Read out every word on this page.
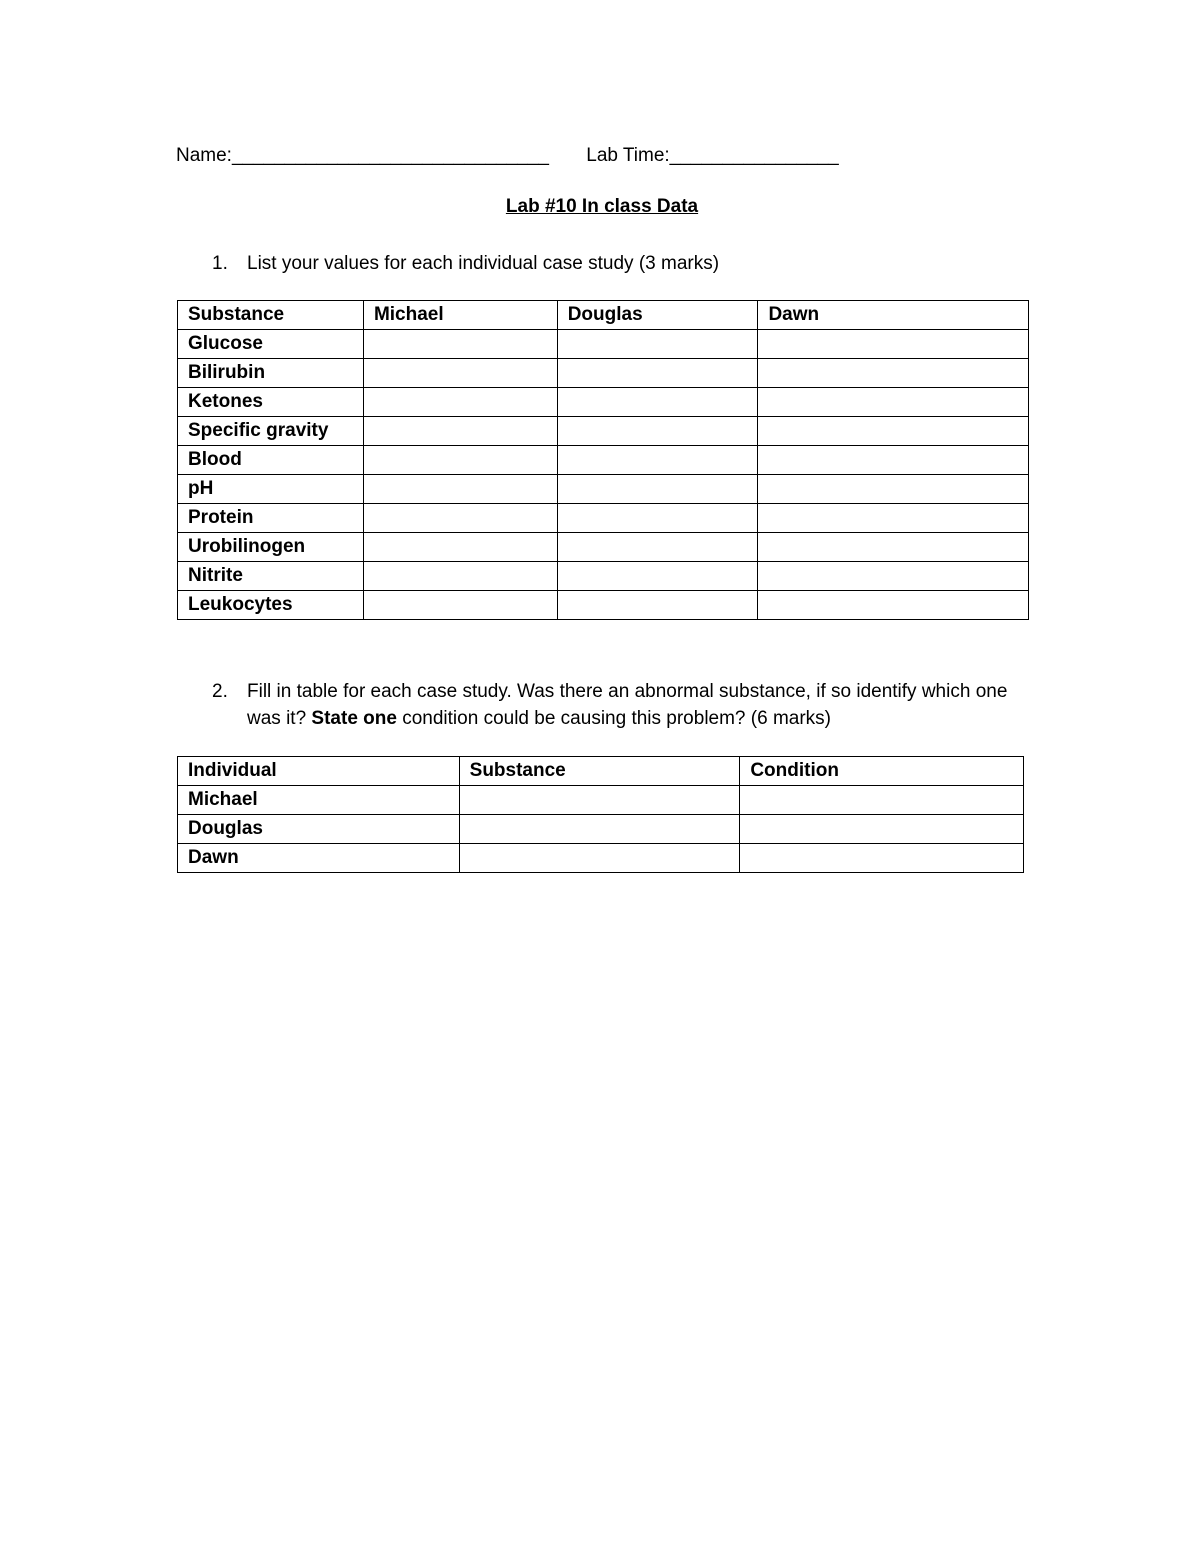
Name:______________________________ Lab Time:________________
Lab #10 In class Data
1. List your values for each individual case study (3 marks)
Substance	Michael	Douglas	Dawn
Glucose			
Bilirubin			
Ketones			
Specific gravity			
Blood			
pH			
Protein			
Urobilinogen			
Nitrite			
Leukocytes			
2. Fill in table for each case study. Was there an abnormal substance, if so identify which one was it? State one condition could be causing this problem? (6 marks)
Individual	Substance	Condition
Michael		
Douglas		
Dawn		
